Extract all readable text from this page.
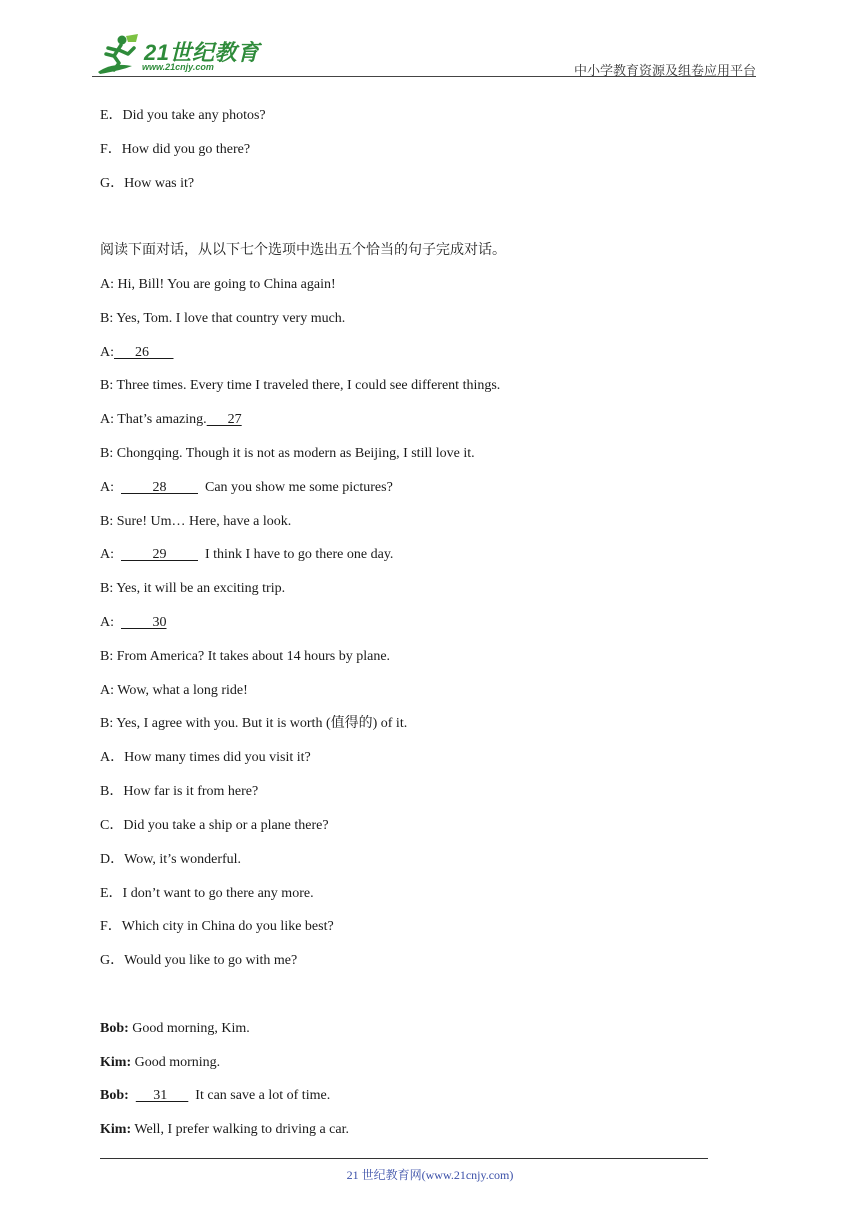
21世纪教育
www.21cnjy.com	中小学教育资源及组卷应用平台
E．Did you take any photos?
F．How did you go there?
G．How was it?
阅读下面对话，从以下七个选项中选出五个恰当的句子完成对话。
A: Hi, Bill! You are going to China again!
B: Yes, Tom. I love that country very much.
A:      26
B: Three times. Every time I traveled there, I could see different things.
A: That’s amazing.      27
B: Chongqing. Though it is not as modern as Beijing, I still love it.
A:           28           Can you show me some pictures?
B: Sure! Um… Here, have a look.
A:           29           I think I have to go there one day.
B: Yes, it will be an exciting trip.
A:           30
B: From America? It takes about 14 hours by plane.
A: Wow, what a long ride!
B: Yes, I agree with you. But it is worth (值得的) of it.
A．How many times did you visit it?
B．How far is it from here?
C．Did you take a ship or a plane there?
D．Wow, it’s wonderful.
E．I don’t want to go there any more.
F．Which city in China do you like best?
G．Would you like to go with me?
Bob: Good morning, Kim.
Kim: Good morning.
Bob:       31        It can save a lot of time.
Kim: Well, I prefer walking to driving a car.
21 世纪教育网(www.21cnjy.com)
